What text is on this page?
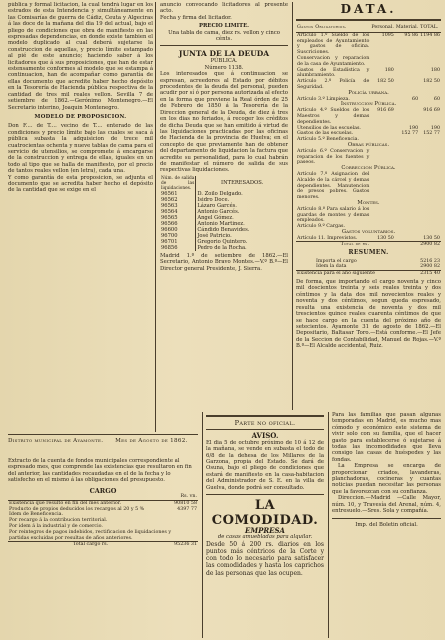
pública y formal licitacion, la cual tendrá lugar en los estrados de esta Intendencia y simultáneamente en las Comisarías de guerra de Cádiz, Ceuta y Algeciras á las doce de la mañana del dia 19 del actual, bajo el pliego de condiciones que obra de manifiesto en las espresadas dependencias, en donde existe tambien el modelo duplicado al cual deberá sujetarse la construccion de aquellas, y precio límite estampado al pié de este anuncio; haciendo saber á los licitadores que á sus proposiciones, que han de estar estensamente conformes al modelo que se estampa á continuacion, han de acompañar como garantía de ellas documento que acredite haber hecho depósito en la Tesorería de Hacienda pública respectiva de la cantidad de tres mil reales vellon. Sevilla 7 de setiembre de 1862.—Gerónimo Montenegro.—El Secretario interino, Joaquin Montenegro.
MODELO DE PROPOSICION.
Don F.... de T.... vecino de T.... enterado de las condiciones y precio límite bajo las cuales se saca á pública subasta la adquisicion de trece mil cuatrocientas ochenta y nueve tablas de cama para el servicio de utensilios, se compromete á encargarse de la construccion y entrega de ellas, iguales en un todo al tipo que se halla de manifiesto, por el precio de tantos reales vellon (en letra), cada una.
Y como garantía de esta proposicion, se adjunta el documento que se acredita haber hecho el depósito de la cantidad que se exige en el
anuncio convocando licitadores al presente acto.
Fecha y firma del licitador.
PRECIO LIMITE.
Una tabla de cama, diez rs. vellon y cinco cénts.
JUNTA DE LA DEUDA
PÚBLICA.
Número 1138.
Los interesados que á continuacion se espresan, acreedores al Estado por débitos procedentes de la deuda del personal, pueden acudir por sí ó por persona autorizada al efecto en la forma que previene la Real órden de 25 de Febrero de 1850 á la Tesorería de la Direccion general de la Deuda, de diez á tres en los dias no feriados, á recoger los créditos de dicha Deuda que se han emitido á virtud de las liquidaciones practicadas por las oficinas de Hacienda de la provincia de Huelva; en el concepto de que previamente han de obtener del departamento de liquidacion la factura que acredite su personalidad, para lo cual habrán de manifestar el número de salida de sus respectivas liquidaciones.
Núm. de salida de las liquidaciones.	INTERESADOS.
96561	D. Zoilo Delgado.
96562	Isidro Doce.
96563	Lázaro Garcés.
96564	Antonio Garcés.
96565	Angel Gómez.
96566	Antonio Martinez.
96600	Cándido Benavides.
96700	José Patricio.
96701	Gregorio Quintero.
96856	Pedro de la Rocha.
Madrid 1.º de setiembre de 1862.—El Secretario, Antonio Bravo Montes.—V.º B.º—El Director general Presidente, J. Sierra.
DATA.
Gastos Obligatorios.	Personal.	Material.	TOTAL.
Artículo 1.º Sueldo de los empleados de Ayuntamiento y gastos de oficina. Suscriciones.	1095	95 86	1194 86
Conservacion y reparacion de la casa de Ayuntamiento.			
Gastos de Estadística y alumbramiento.	180		180
Artículo 2.º Policía de Seguridad.	182 50		182 50
Policía urbana.			
Artículo 3.º Limpieza.		60	60
Instruccion Pública.			
Artículo 4.º Sueldos de los Maestros y demas dependientes.	916 69		916 69
Utensilios de las escuelas.		190	190
Gastos de las escuelas.		152 77	152 77
Artículo 5.º Beneficencia.			
Obras públicas.			
Artículo 6.º Conservacion y reparacion de los fuentes y paseos.			
Correccion Pública.			
Artículo 7.º Asignacion del Alcalde de la cárcel y demas dependientes. Manutencion de presos pobres. Gastos menores.			
Montes.			
Artículo 8.º Para salario á los guardas de montes y demas empleados.			
Artículo 9.º Cargas.			
Gastos voluntarios.			
Artículo 11. Imprevistos.	130 50		130 50
Total de rs.			2900 82
RESUMEN.
Importa el cargo	5216 23
Idem la data	2900 82
Existencia para el año siguiente	2315 40
De forma, que importando el cargo noventa y cinco mil doscientos treinta y seis reales treinta y dos céntimos y la data dos mil novecientos reales y noventa y dos céntimos, segun queda espresado, resulta una existencia de noventa y dos mil trescientos quince reales cuarenta céntimos de que se hace cargo en la cuenta del próximo año de setecientos. Ayamonte 31 de agosto de 1862.—El Depositario, Baltasar Toro.—Está conforme.—El Jefe de la Seccion de Contabilidad, Manuel de Rojas.—V.º B.º—El Alcalde accidental, Ruiz.
Distrito municipal de Ayamonte. Mes de Agosto de 1862.
Extracto de la cuenta de fondos municipales correspondiente al espresado mes, que comprende las existencias que resultaron en fin del anterior, las cantidades recaudadas en el de la fecha y lo satisfecho en el mismo á las obligaciones del presupuesto.
CARGO
	Rs. vn.
Existencia que resultó en fin del mes anterior.	90810 58
Producto de propios deducidos los recargos al 20 y 5 %	4397 77
Idem de Beneficencia.	
Por recargo á la contribucion territorial.	
Por idem á la industrial y de comercio.	
Por reintegros de pagos indebidos, rectificacion de liquidaciones y partidas excluidas por resultas de años anteriores.	
Total cargo rs.	95236 31
Parte no oficial.
AVISO.
El dia 5 de octubre próximo de 10 á 12 de la mañana, se vende en subasta el todo de 6/8 de la dehesa de los Millares de la Garzona, propia del Estado. Se dará de Osuna, bajo el pliego de condiciones que estará de manifiesto en la casa-habitacion del Administrador de S. E. en la villa de Guelva, donde podrá ser consultado.
LA COMODIDAD.
EMPRESA
de casas amuebladas para alquilar.
Desde 50 á 200 rs. diarios en los puntos más céntricos de la Corte y con todo lo necesario para satisfacer las comodidades y hasta los caprichos de las personas que las ocupen.
Para las familias que pasan algunas temporadas en Madrid, es mucho mas cómodo y económico este sistema de vivir solo con su familia, que el hacer gasto para establecerse ó sujetarse á todas las incomodidades que lleva consigo las casas de huéspedes y las fondas.
La Empresa se encarga de proporcionar criados, lavanderas, planchadoras, cocineras y cuantas noticias puedan necesitar las personas que la favorezcan con su confianza.
Direccion.—Madrid —Calle Mayor, núm. 10, y Travesía del Arenal, núm. 4, entresuelo.—Sres. Sola y compañía.
Imp. del Boletin oficial.
